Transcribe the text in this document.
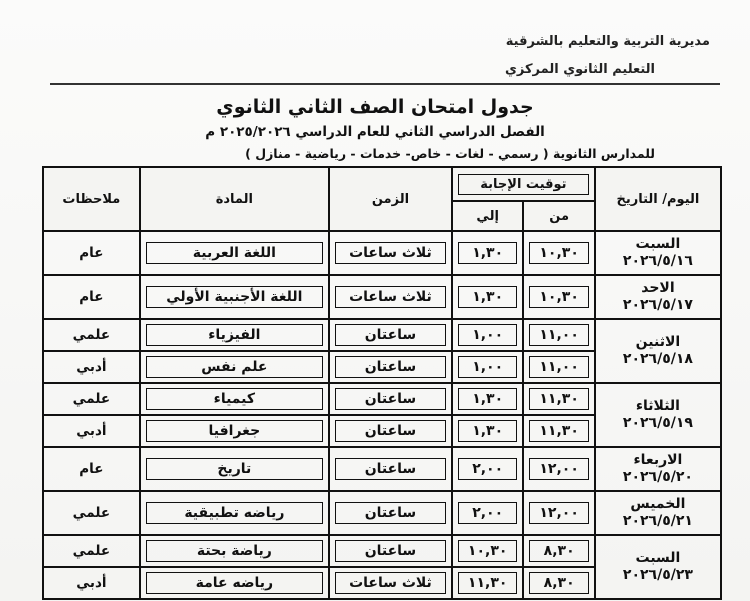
مديرية التربية والتعليم بالشرقية
التعليم الثانوي المركزي
جدول امتحان الصف الثاني الثانوي
الفصل الدراسي الثاني للعام الدراسي ٢٠٢٥/٢٠٢٦ م
للمدارس الثانوية ( رسمي - لغات - خاص- خدمات - رياضية - منازل )
اليوم/ التاريخ	توقيت الإجابة		الزمن	المادة	ملاحظات
	من	إلي			

السبت
٢٠٢٦/٥/١٦	١٠,٣٠	١,٣٠	ثلاث ساعات	اللغة العربية	عام

الاحد
٢٠٢٦/٥/١٧	١٠,٣٠	١,٣٠	ثلاث ساعات	اللغة الأجنبية الأولي	عام

الاثنين
٢٠٢٦/٥/١٨	١١,٠٠	١,٠٠	ساعتان	الفيزياء	علمي

	١١,٠٠	١,٠٠	ساعتان	علم نفس	أدبي

الثلاثاء
٢٠٢٦/٥/١٩	١١,٣٠	١,٣٠	ساعتان	كيمياء	علمي

	١١,٣٠	١,٣٠	ساعتان	جغرافيا	أدبي

الاربعاء
٢٠٢٦/٥/٢٠	١٢,٠٠	٢,٠٠	ساعتان	تاريخ	عام

الخميس
٢٠٢٦/٥/٢١	١٢,٠٠	٢,٠٠	ساعتان	رياضه تطبيقية	علمي

السبت
٢٠٢٦/٥/٢٣	٨,٣٠	١٠,٣٠	ساعتان	رياضة بحتة	علمي

	٨,٣٠	١١,٣٠	ثلاث ساعات	رياضه عامة	أدبي
